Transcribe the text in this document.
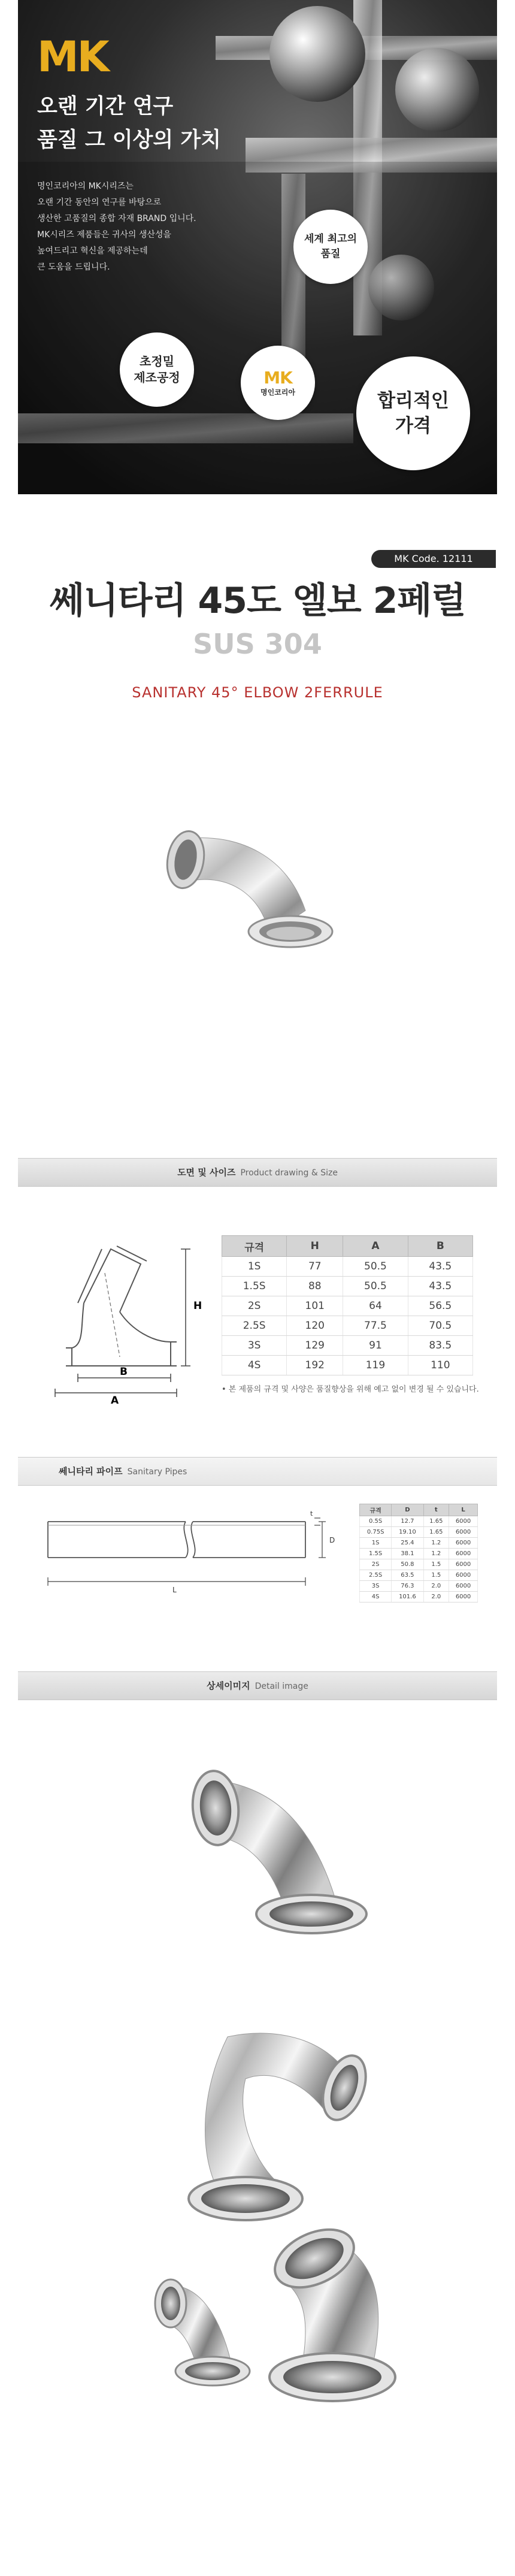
MK
오랜 기간 연구
품질 그 이상의 가치
명인코리아의 MK시리즈는
오랜 기간 동안의 연구를 바탕으로
생산한 고품질의 종합 자재 BRAND 입니다.
MK시리즈 제품들은 귀사의 생산성을
높여드리고 혁신을 제공하는데
큰 도움을 드립니다.
초정밀
제조공정	MK
명인코리아
세계 최고의
품질
합리적인
가격
MK Code. 12111
쎄니타리 45도 엘보 2페럴
SUS 304
SANITARY 45° ELBOW 2FERRULE
도면 및 사이즈 Product drawing & Size
H
B
A
규격	H	A	B
1S	77	50.5	43.5
1.5S	88	50.5	43.5
2S	101	64	56.5
2.5S	120	77.5	70.5
3S	129	91	83.5
4S	192	119	110
• 본 제품의 규격 및 사양은 품질향상을 위해 예고 없이 변경 될 수 있습니다.
쎄니타리 파이프 Sanitary Pipes
L
D
t	규격	D	t	L
0.5S	12.7	1.65	6000
0.75S	19.10	1.65	6000
1S	25.4	1.2	6000
1.5S	38.1	1.2	6000
2S	50.8	1.5	6000
2.5S	63.5	1.5	6000
3S	76.3	2.0	6000
4S	101.6	2.0	6000
상세이미지 Detail image
